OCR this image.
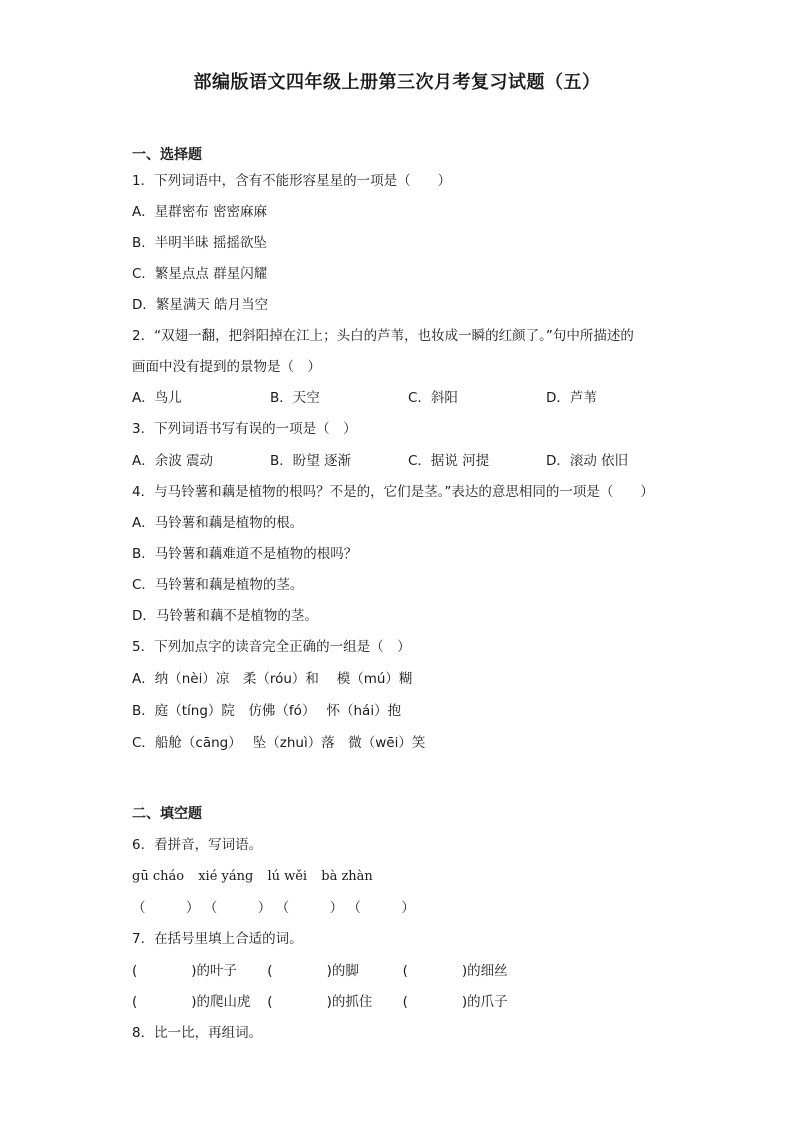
部编版语文四年级上册第三次月考复习试题（五）
一、选择题
1．下列词语中，含有不能形容星星的一项是（　　）
A．星群密布 密密麻麻
B．半明半昧 摇摇欲坠
C．繁星点点 群星闪耀
D．繁星满天 皓月当空
2．“双翅一翻，把斜阳掉在江上；头白的芦苇，也妆成一瞬的红颜了。”句中所描述的
画面中没有提到的景物是（　）
A．鸟儿	B．天空	C．斜阳	D．芦苇
3．下列词语书写有误的一项是（　）
A．余波 震动	B．盼望 逐渐	C．据说 河提	D．滚动 依旧
4．与马铃薯和藕是植物的根吗？不是的，它们是茎。”表达的意思相同的一项是（　　）
A．马铃薯和藕是植物的根。
B．马铃薯和藕难道不是植物的根吗？
C．马铃薯和藕是植物的茎。
D．马铃薯和藕不是植物的茎。
5．下列加点字的读音完全正确的一组是（　）
A．纳（nèi）凉　柔（róu）和　 模（mú）糊
B．庭（tíng）院　仿佛（fó）　 怀（hái）抱
C．船舱（cāng）　 坠（zhuì）落　微（wēi）笑
二、填空题
6．看拼音，写词语。
gū cháo xié yáng lú wěi bà zhàn
（　　　） （　　　） （　　　） （　　　）
7．在括号里填上合适的词。
(　　　　)的叶子 (　　　　)的脚	(　　　　)的细丝
(　　　　)的爬山虎 (　　　　)的抓住 (　　　　)的爪子
8．比一比，再组词。
